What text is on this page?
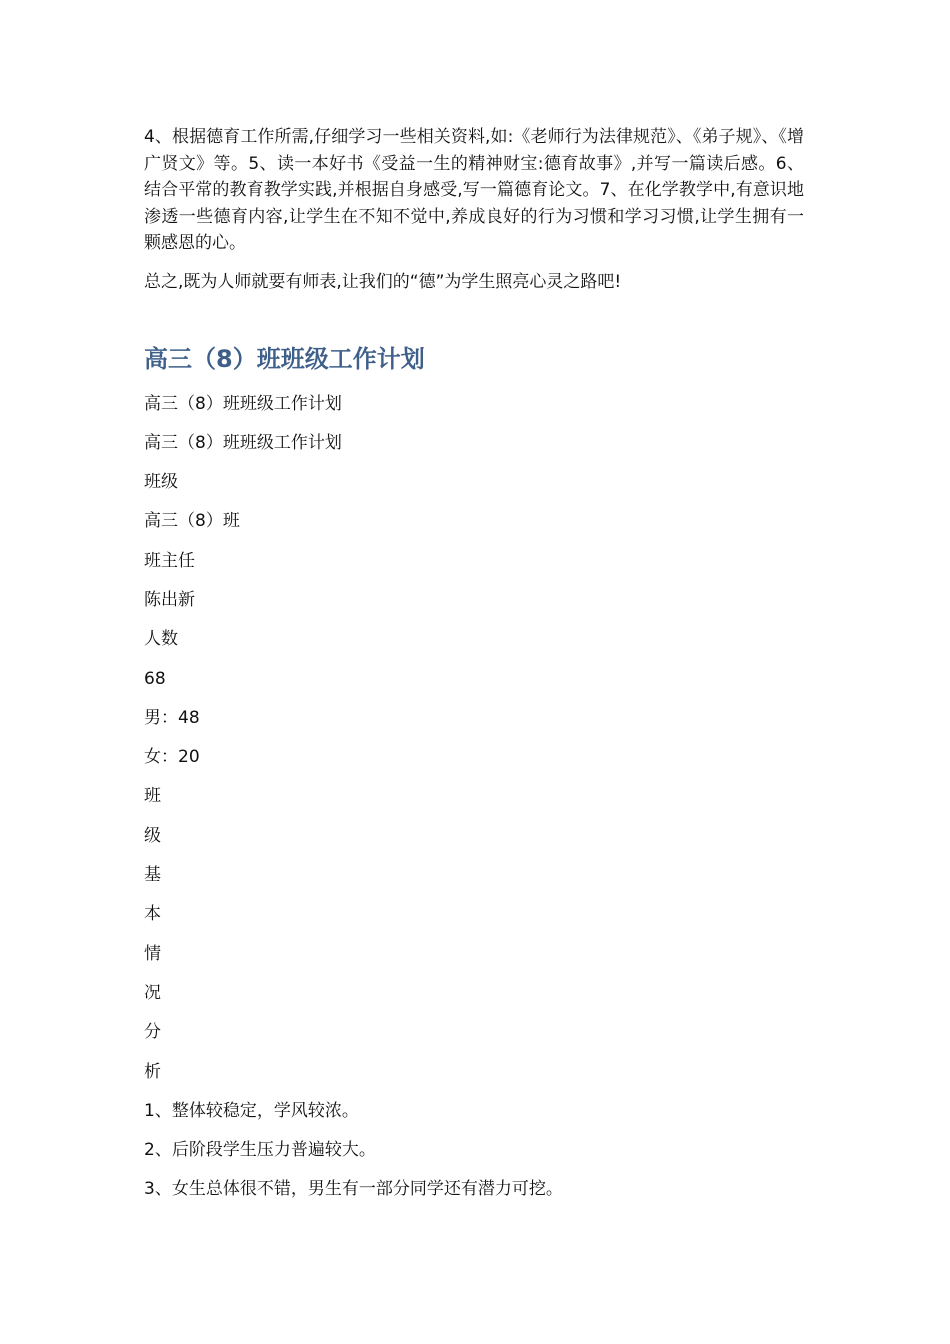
4、根据德育工作所需,仔细学习一些相关资料,如:《老师行为法律规范》、《弟子规》、《增广贤文》等。5、读一本好书《受益一生的精神财宝:德育故事》,并写一篇读后感。6、结合平常的教育教学实践,并根据自身感受,写一篇德育论文。7、在化学教学中,有意识地渗透一些德育内容,让学生在不知不觉中,养成良好的行为习惯和学习习惯,让学生拥有一颗感恩的心。

总之,既为人师就要有师表,让我们的“德”为学生照亮心灵之路吧!

高三（8）班班级工作计划
高三（8）班班级工作计划
高三（8）班班级工作计划
班级
高三（8）班
班主任
陈出新
人数
68
男：48
女：20
班
级
基
本
情
况
分
析
1、整体较稳定，学风较浓。
2、后阶段学生压力普遍较大。
3、女生总体很不错，男生有一部分同学还有潜力可挖。
